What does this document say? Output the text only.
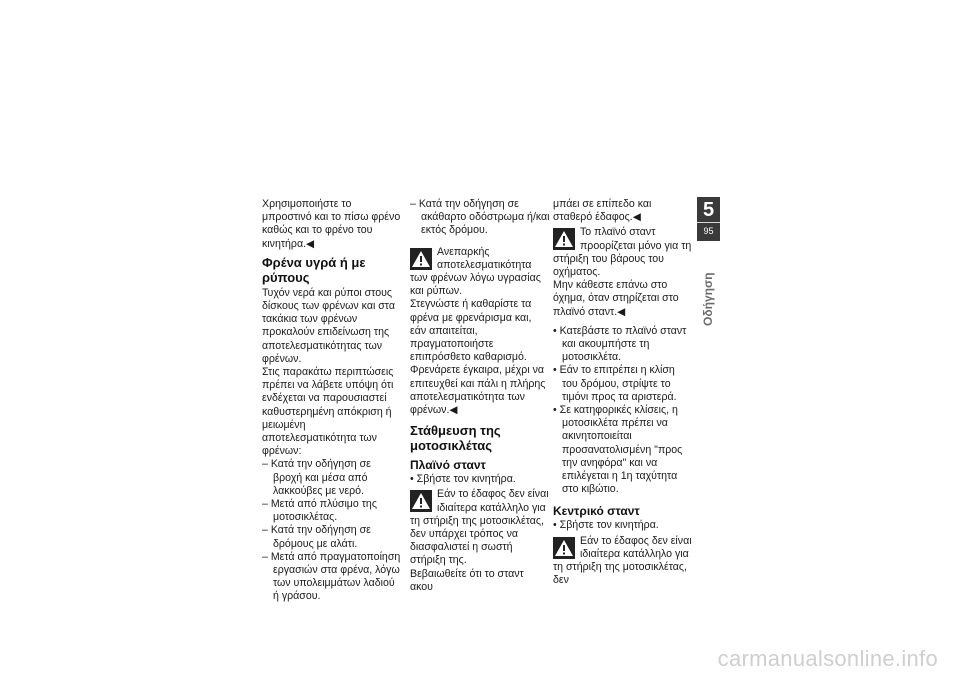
Χρησιμοποιήστε το μπροστινό και το πίσω φρένο καθώς και το φρένο του κινητήρα.◀

Φρένα υγρά ή με ρύπους

Τυχόν νερά και ρύποι στους δίσκους των φρένων και στα τακάκια των φρένων προκαλούν επιδείνωση της αποτελεσματικότητας των φρένων.

Στις παρακάτω περιπτώσεις πρέπει να λάβετε υπόψη ότι ενδέχεται να παρουσιαστεί καθυστερημένη απόκριση ή μειωμένη αποτελεσματικότητα των φρένων:

– Κατά την οδήγηση σε βροχή και μέσα από λακκούβες με νερό.

– Μετά από πλύσιμο της μοτοσικλέτας.

– Κατά την οδήγηση σε δρόμους με αλάτι.

– Μετά από πραγματοποίηση εργασιών στα φρένα, λόγω των υπολειμμάτων λαδιού ή γράσου.

– Κατά την οδήγηση σε ακάθαρτο οδόστρωμα ή/και εκτός δρόμου.

Ανεπαρκής αποτελεσματικότητα των φρένων λόγω υγρασίας και ρύπων.

Στεγνώστε ή καθαρίστε τα φρένα με φρενάρισμα και, εάν απαιτείται, πραγματοποιήστε επιπρόσθετο καθαρισμό.

Φρενάρετε έγκαιρα, μέχρι να επιτευχθεί και πάλι η πλήρης αποτελεσματικότητα των φρένων.◀

Στάθμευση της μοτοσικλέτας
Πλαϊνό σταντ

• Σβήστε τον κινητήρα.

Εάν το έδαφος δεν είναι ιδιαίτερα κατάλληλο για τη στήριξη της μοτοσικλέτας, δεν υπάρχει τρόπος να διασφαλιστεί η σωστή στήριξη της.

Βεβαιωθείτε ότι το σταντ ακου

μπάει σε επίπεδο και σταθερό έδαφος.◀

Το πλαϊνό σταντ προορίζεται μόνο για τη στήριξη του βάρους του οχήματος.

Μην κάθεστε επάνω στο όχημα, όταν στηρίζεται στο πλαϊνό σταντ.◀

• Κατεβάστε το πλαϊνό σταντ και ακουμπήστε τη μοτοσικλέτα.

• Εάν το επιτρέπει η κλίση του δρόμου, στρίψτε το τιμόνι προς τα αριστερά.

• Σε κατηφορικές κλίσεις, η μοτοσικλέτα πρέπει να ακινητοποιείται προσανατολισμένη "προς την ανηφόρα" και να επιλέγεται η 1η ταχύτητα στο κιβώτιο.

Κεντρικό σταντ

• Σβήστε τον κινητήρα.

Εάν το έδαφος δεν είναι ιδιαίτερα κατάλληλο για τη στήριξη της μοτοσικλέτας, δεν
5
95
Οδήγηση
carmanualsonline.info
